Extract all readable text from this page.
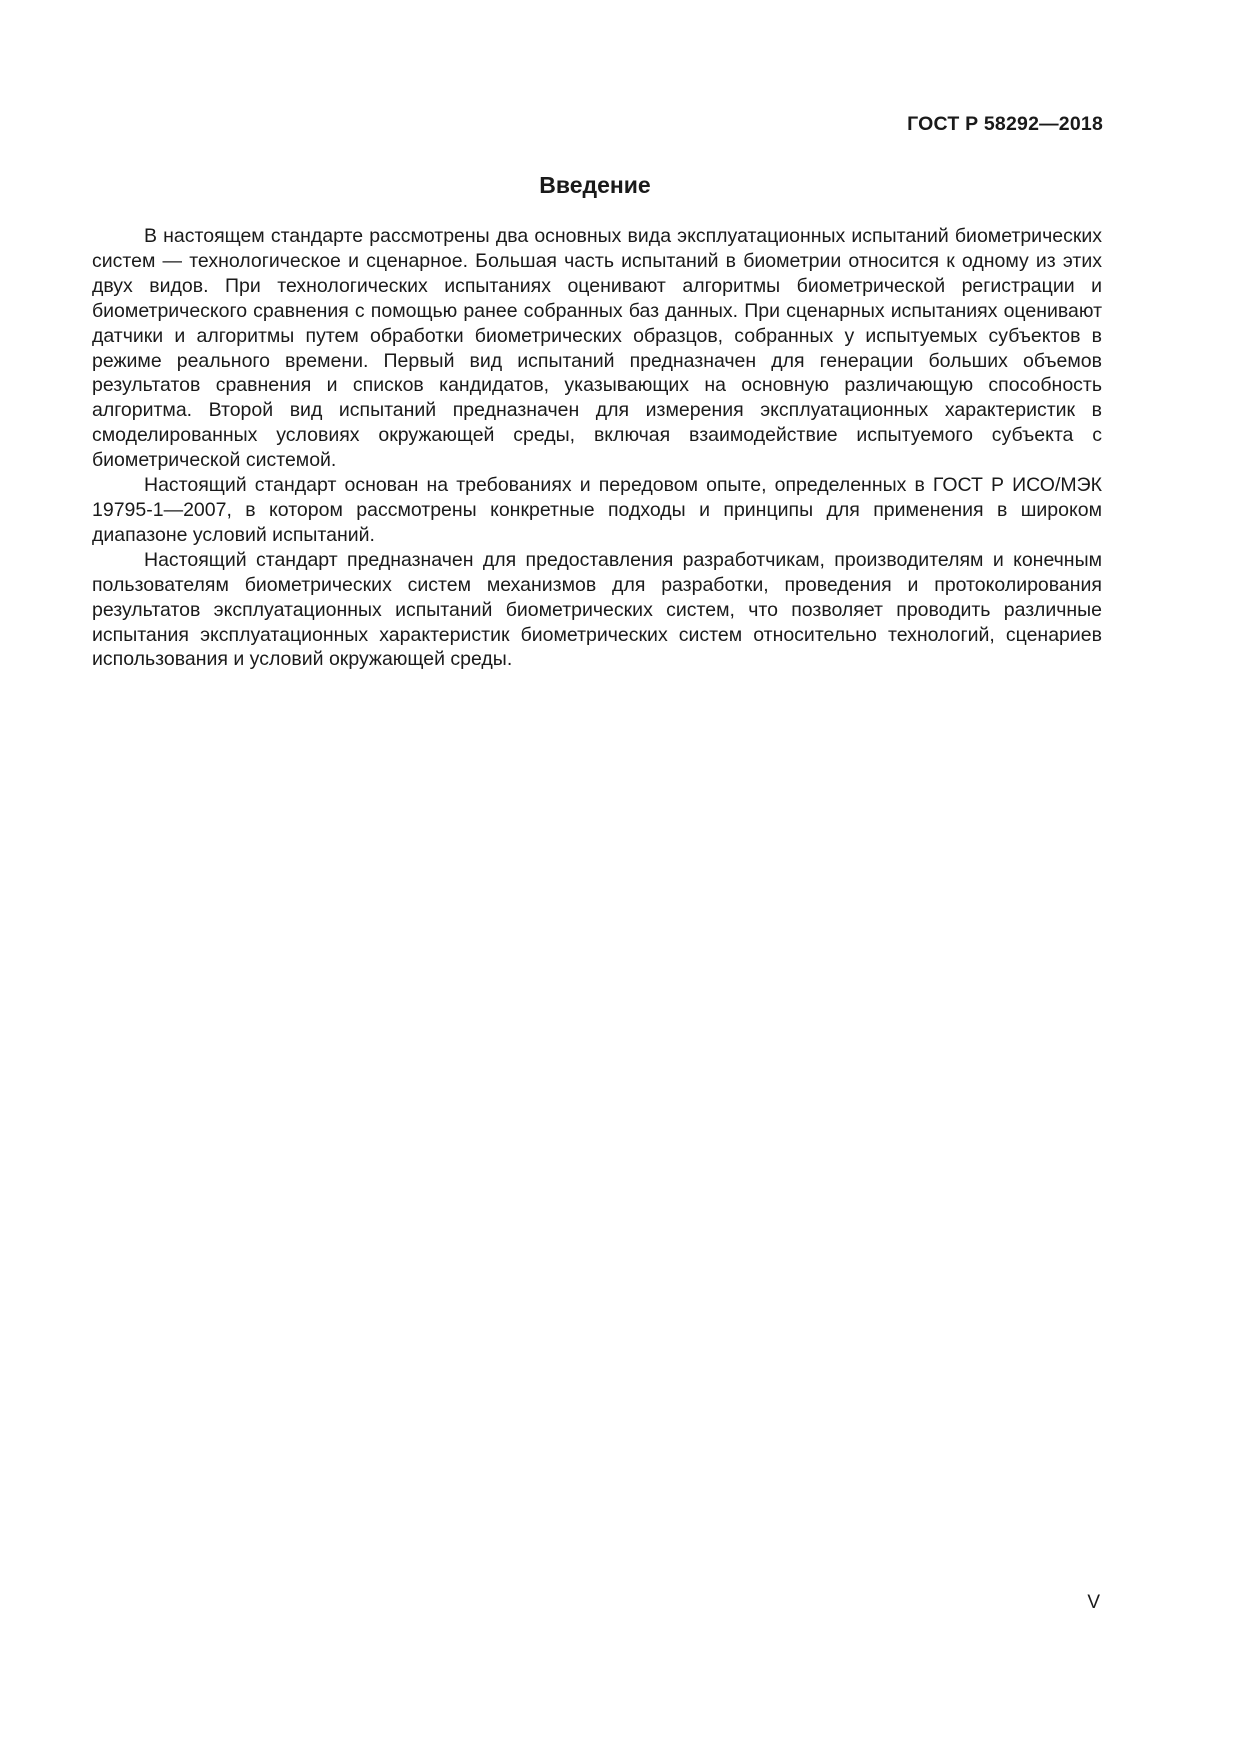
ГОСТ Р 58292—2018
Введение

В настоящем стандарте рассмотрены два основных вида эксплуатационных испытаний биометрических систем — технологическое и сценарное. Большая часть испытаний в биометрии относится к одному из этих двух видов. При технологических испытаниях оценивают алгоритмы биометрической регистрации и биометрического сравнения с помощью ранее собранных баз данных. При сценарных испытаниях оценивают датчики и алгоритмы путем обработки биометрических образцов, собранных у испытуемых субъектов в режиме реального времени. Первый вид испытаний предназначен для генерации больших объемов результатов сравнения и списков кандидатов, указывающих на основную различающую способность алгоритма. Второй вид испытаний предназначен для измерения эксплуатационных характеристик в смоделированных условиях окружающей среды, включая взаимодействие испытуемого субъекта с биометрической системой.

Настоящий стандарт основан на требованиях и передовом опыте, определенных в ГОСТ Р ИСО/МЭК 19795-1—2007, в котором рассмотрены конкретные подходы и принципы для применения в широком диапазоне условий испытаний.

Настоящий стандарт предназначен для предоставления разработчикам, производителям и конечным пользователям биометрических систем механизмов для разработки, проведения и протоколирования результатов эксплуатационных испытаний биометрических систем, что позволяет проводить различные испытания эксплуатационных характеристик биометрических систем относительно технологий, сценариев использования и условий окружающей среды.

V
